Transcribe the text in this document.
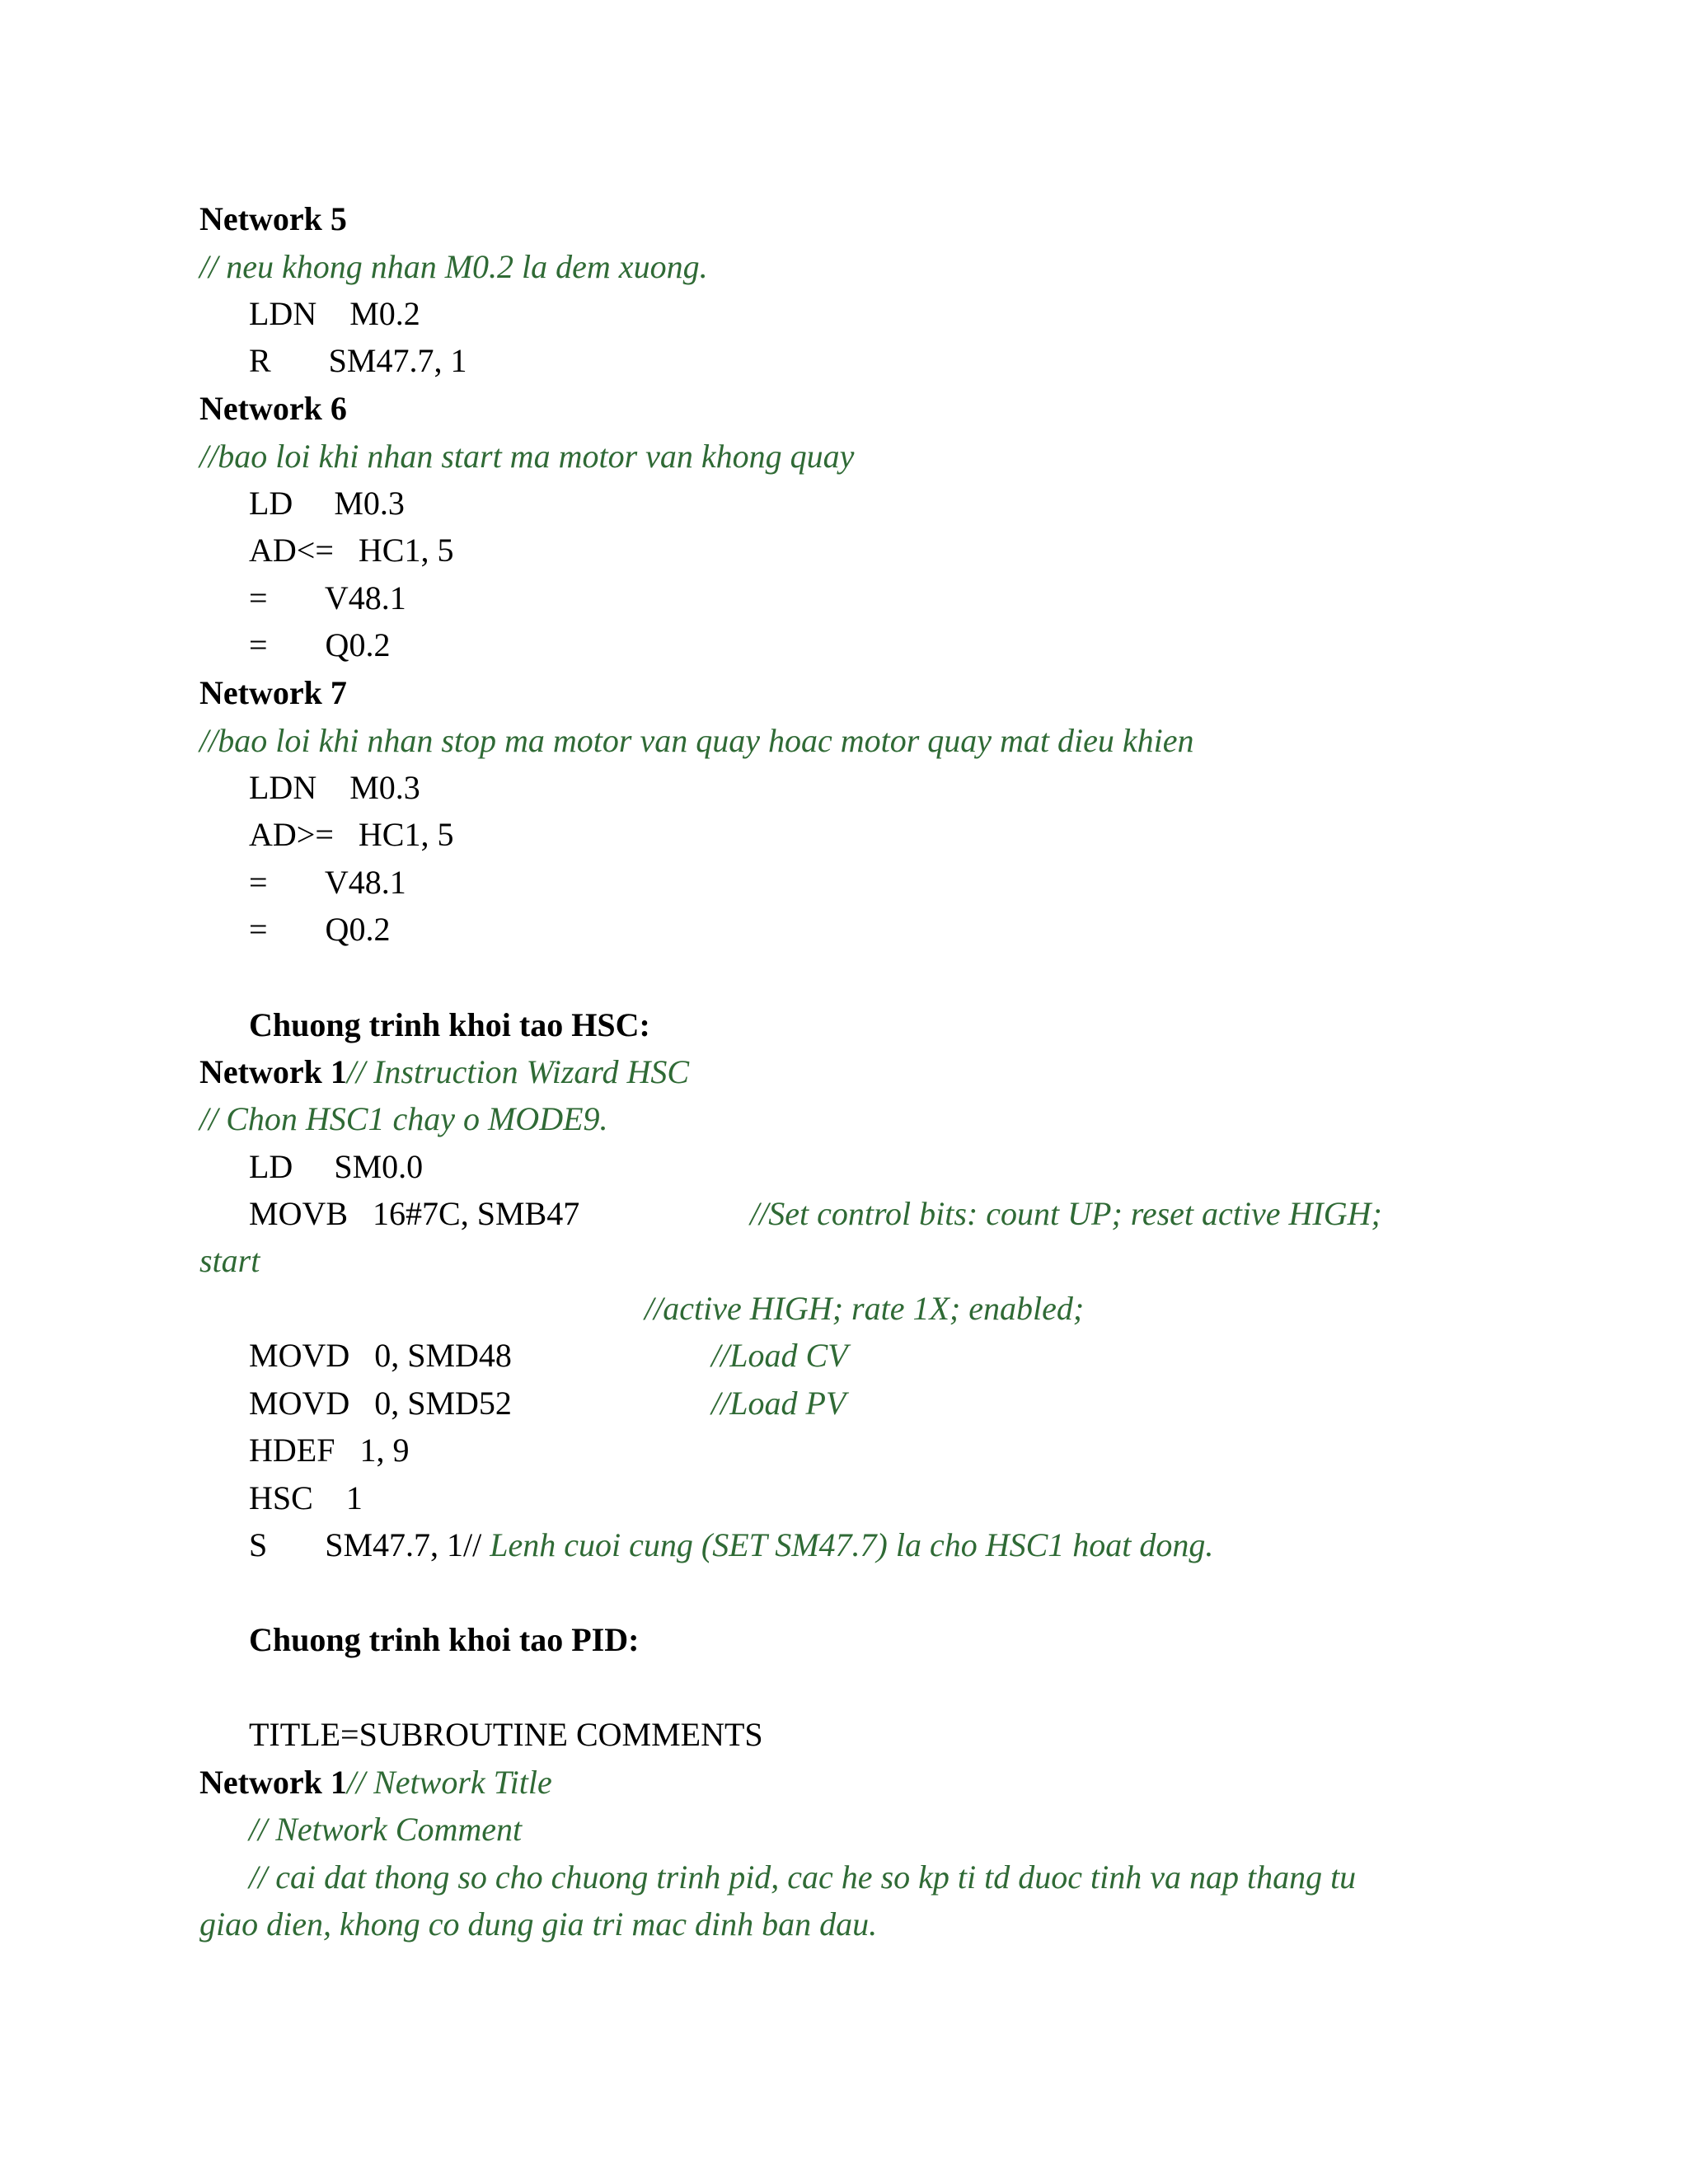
Network 5
// neu khong nhan M0.2 la dem xuong.
LDN    M0.2
R       SM47.7, 1
Network 6
//bao loi khi nhan start ma motor van khong quay
LD     M0.3
AD<=   HC1, 5
=       V48.1
=       Q0.2
Network 7
//bao loi khi nhan stop ma motor van quay hoac motor quay mat dieu khien
LDN    M0.3
AD>=   HC1, 5
=       V48.1
=       Q0.2
Chuong trinh khoi tao HSC:
Network 1// Instruction Wizard HSC
// Chon HSC1 chay o MODE9.
LD     SM0.0
MOVB   16#7C, SMB47	//Set control bits: count UP; reset active HIGH;
start
//active HIGH; rate 1X; enabled;
MOVD   0, SMD48	//Load CV
MOVD   0, SMD52	//Load PV
HDEF   1, 9
HSC    1
S       SM47.7, 1// Lenh cuoi cung (SET SM47.7) la cho HSC1 hoat dong.
Chuong trinh khoi tao PID:
TITLE=SUBROUTINE COMMENTS
Network 1// Network Title
// Network Comment
// cai dat thong so cho chuong trinh pid, cac he so kp ti td duoc tinh va nap thang tu
giao dien, khong co dung gia tri mac dinh ban dau.
